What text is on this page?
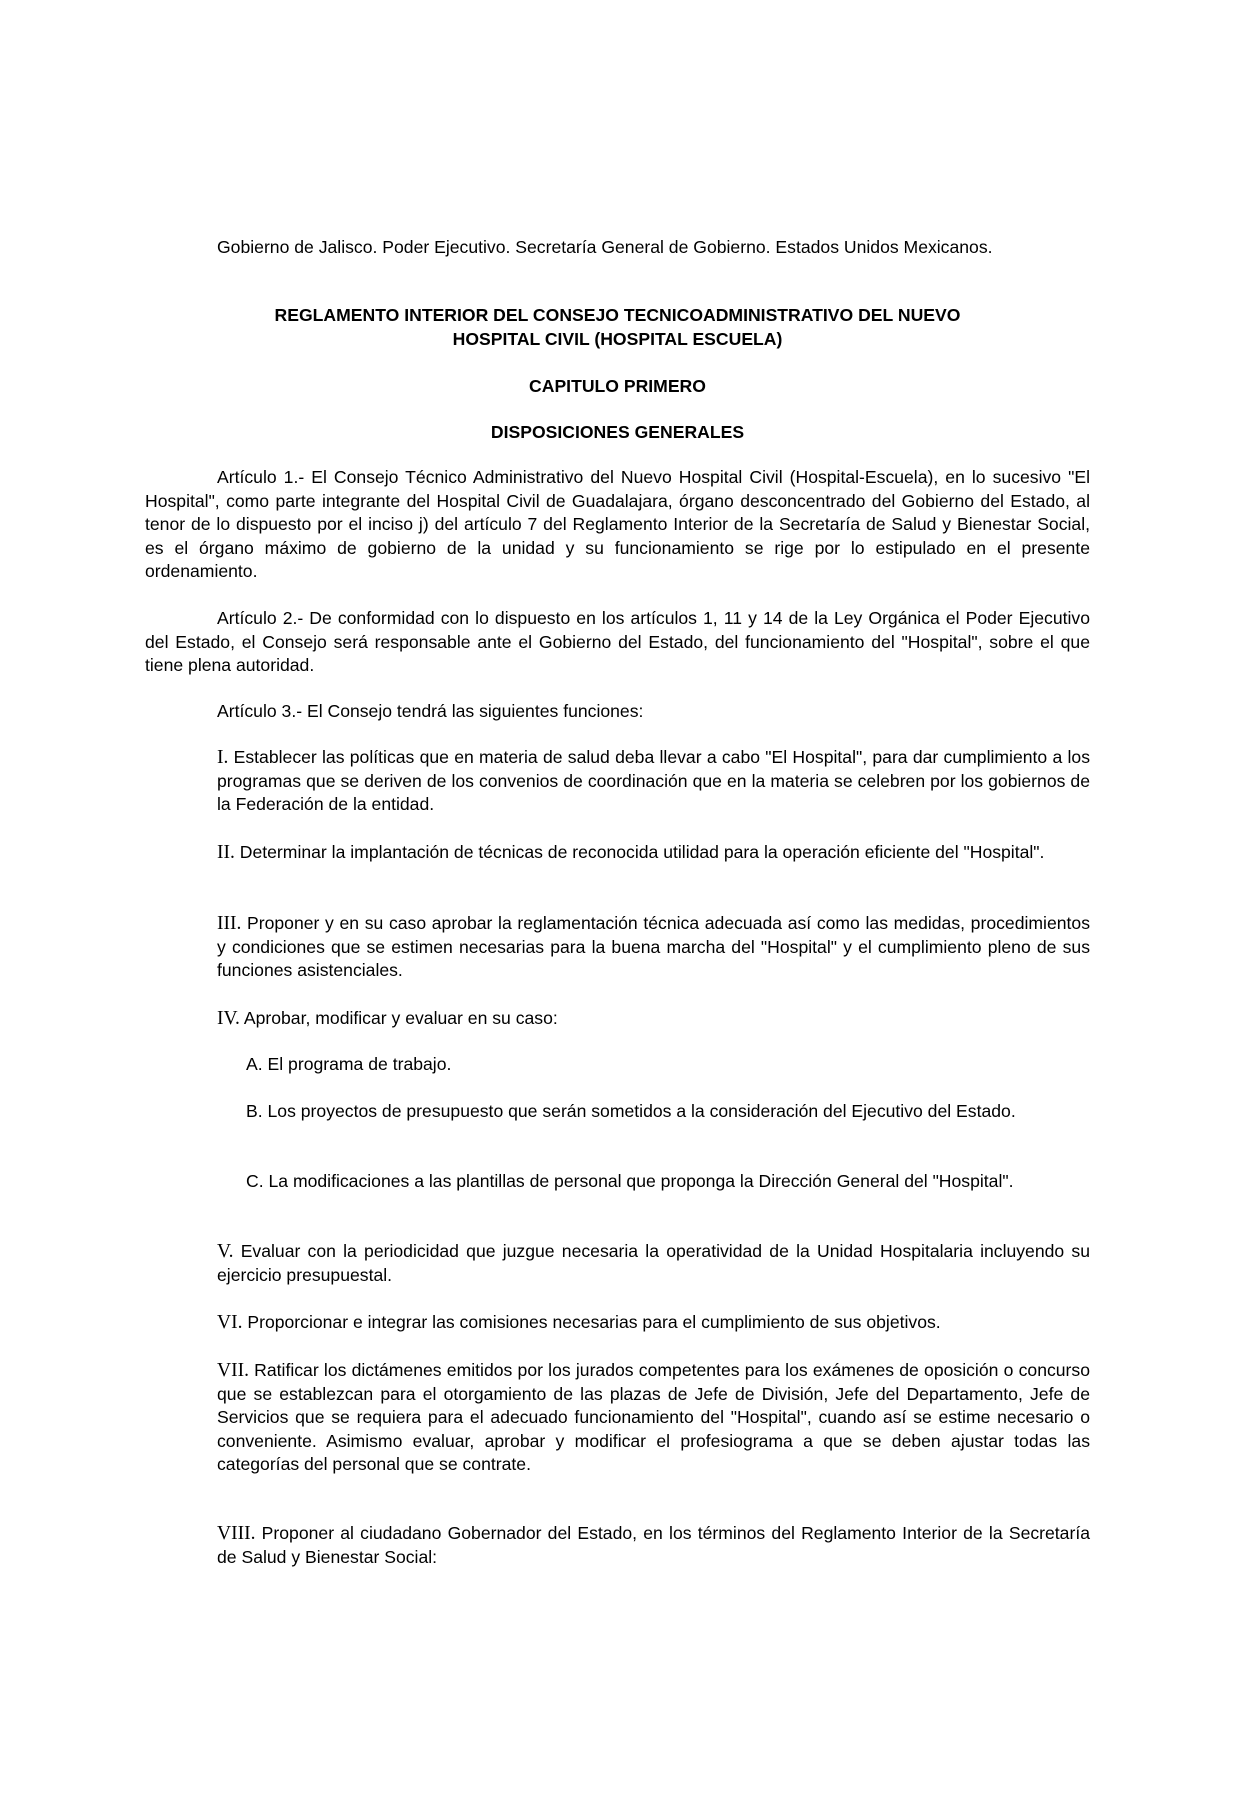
Gobierno de Jalisco. Poder Ejecutivo. Secretaría General de Gobierno. Estados Unidos Mexicanos.

REGLAMENTO INTERIOR DEL CONSEJO TECNICOADMINISTRATIVO DEL NUEVO

HOSPITAL CIVIL (HOSPITAL ESCUELA)

CAPITULO PRIMERO

DISPOSICIONES GENERALES

Artículo 1.- El Consejo Técnico Administrativo del Nuevo Hospital Civil (Hospital-Escuela), en lo sucesivo "El Hospital", como parte integrante del Hospital Civil de Guadalajara, órgano desconcentrado del Gobierno del Estado, al tenor de lo dispuesto por el inciso j) del artículo 7 del Reglamento Interior de la Secretaría de Salud y Bienestar Social, es el órgano máximo de gobierno de la unidad y su funcionamiento se rige por lo estipulado en el presente ordenamiento.

Artículo 2.- De conformidad con lo dispuesto en los artículos 1, 11 y 14 de la Ley Orgánica el Poder Ejecutivo del Estado, el Consejo será responsable ante el Gobierno del Estado, del funcionamiento del "Hospital", sobre el que tiene plena autoridad.

Artículo 3.- El Consejo tendrá las siguientes funciones:

I. Establecer las políticas que en materia de salud deba llevar a cabo "El Hospital", para dar cumplimiento a los programas que se deriven de los convenios de coordinación que en la materia se celebren por los gobiernos de la Federación de la entidad.

II. Determinar la implantación de técnicas de reconocida utilidad para la operación eficiente del "Hospital".

III. Proponer y en su caso aprobar la reglamentación técnica adecuada así como las medidas, procedimientos y condiciones que se estimen necesarias para la buena marcha del "Hospital" y el cumplimiento pleno de sus funciones asistenciales.

IV. Aprobar, modificar y evaluar en su caso:

A. El programa de trabajo.

B. Los proyectos de presupuesto que serán sometidos a la consideración del Ejecutivo del Estado.

C. La modificaciones a las plantillas de personal que proponga la Dirección General del "Hospital".

V. Evaluar con la periodicidad que juzgue necesaria la operatividad de la Unidad Hospitalaria incluyendo su ejercicio presupuestal.

VI. Proporcionar e integrar las comisiones necesarias para el cumplimiento de sus objetivos.

VII. Ratificar los dictámenes emitidos por los jurados competentes para los exámenes de oposición o concurso que se establezcan para el otorgamiento de las plazas de Jefe de División, Jefe del Departamento, Jefe de Servicios que se requiera para el adecuado funcionamiento del "Hospital", cuando así se estime necesario o conveniente. Asimismo evaluar, aprobar y modificar el profesiograma a que se deben ajustar todas las categorías del personal que se contrate.

VIII. Proponer al ciudadano Gobernador del Estado, en los términos del Reglamento Interior de la Secretaría de Salud y Bienestar Social:
